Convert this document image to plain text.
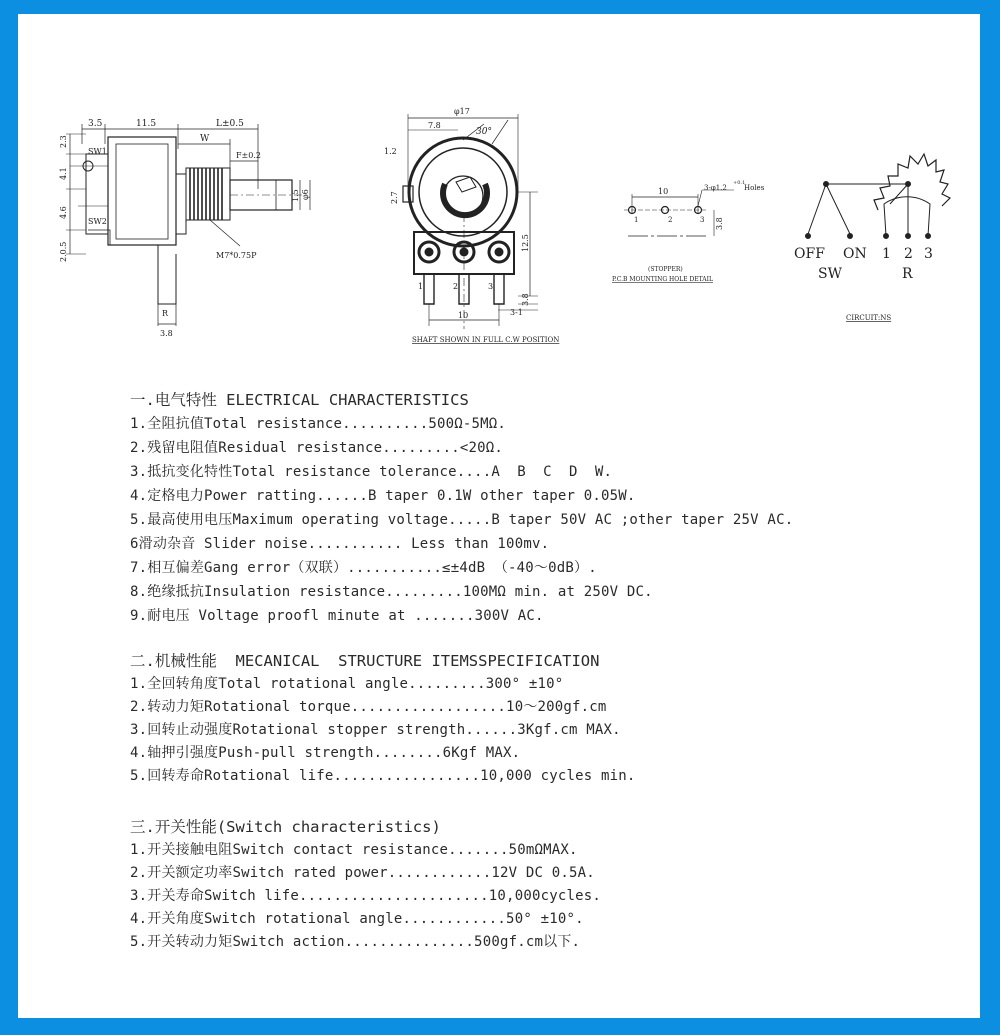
3.5	11.5	L±0.5
W
F±0.2
SW1
SW2
M7*0.75P
3.8
R
2.3
4.1
4.6
2.0.5
1.5 φ6
φ17
7.8
30°
1.2
2.7
12.5
3.8
10	3-1
1	2	3
SHAFT SHOWN IN FULL C.W POSITION
10	3-φ1.2
+0.1
Holes
1	2	3 3.8
(STOPPER)
P.C.B MOUNTING HOLE DETAIL
OFF ON 1 2 3
SW	R
CIRCUIT:NS

一.电气特性 ELECTRICAL CHARACTERISTICS

1.全阻抗值Total resistance..........500Ω-5MΩ.

2.残留电阻值Residual resistance.........<20Ω.

3.抵抗变化特性Total resistance tolerance....A  B  C  D  W.

4.定格电力Power ratting......B taper 0.1W other taper 0.05W.

5.最高使用电压Maximum operating voltage.....B taper 50V AC ;other taper 25V AC.

6滑动杂音 Slider noise........... Less than 100mv.

7.相互偏差Gang error（双联）...........≤±4dB （-40～0dB）.

8.绝缘抵抗Insulation resistance.........100MΩ min. at 250V DC.

9.耐电压 Voltage proofl minute at .......300V AC.

二.机械性能  MECANICAL  STRUCTURE ITEMSSPECIFICATION

1.全回转角度Total rotational angle.........300° ±10°

2.转动力矩Rotational torque..................10～200gf.cm

3.回转止动强度Rotational stopper strength......3Kgf.cm MAX.

4.轴押引强度Push-pull strength........6Kgf MAX.

5.回转寿命Rotational life.................10,000 cycles min.

三.开关性能(Switch characteristics)

1.开关接触电阻Switch contact resistance.......50mΩMAX.

2.开关额定功率Switch rated power............12V DC 0.5A.

3.开关寿命Switch life......................10,000cycles.

4.开关角度Switch rotational angle............50° ±10°.

5.开关转动力矩Switch action...............500gf.cm以下.
